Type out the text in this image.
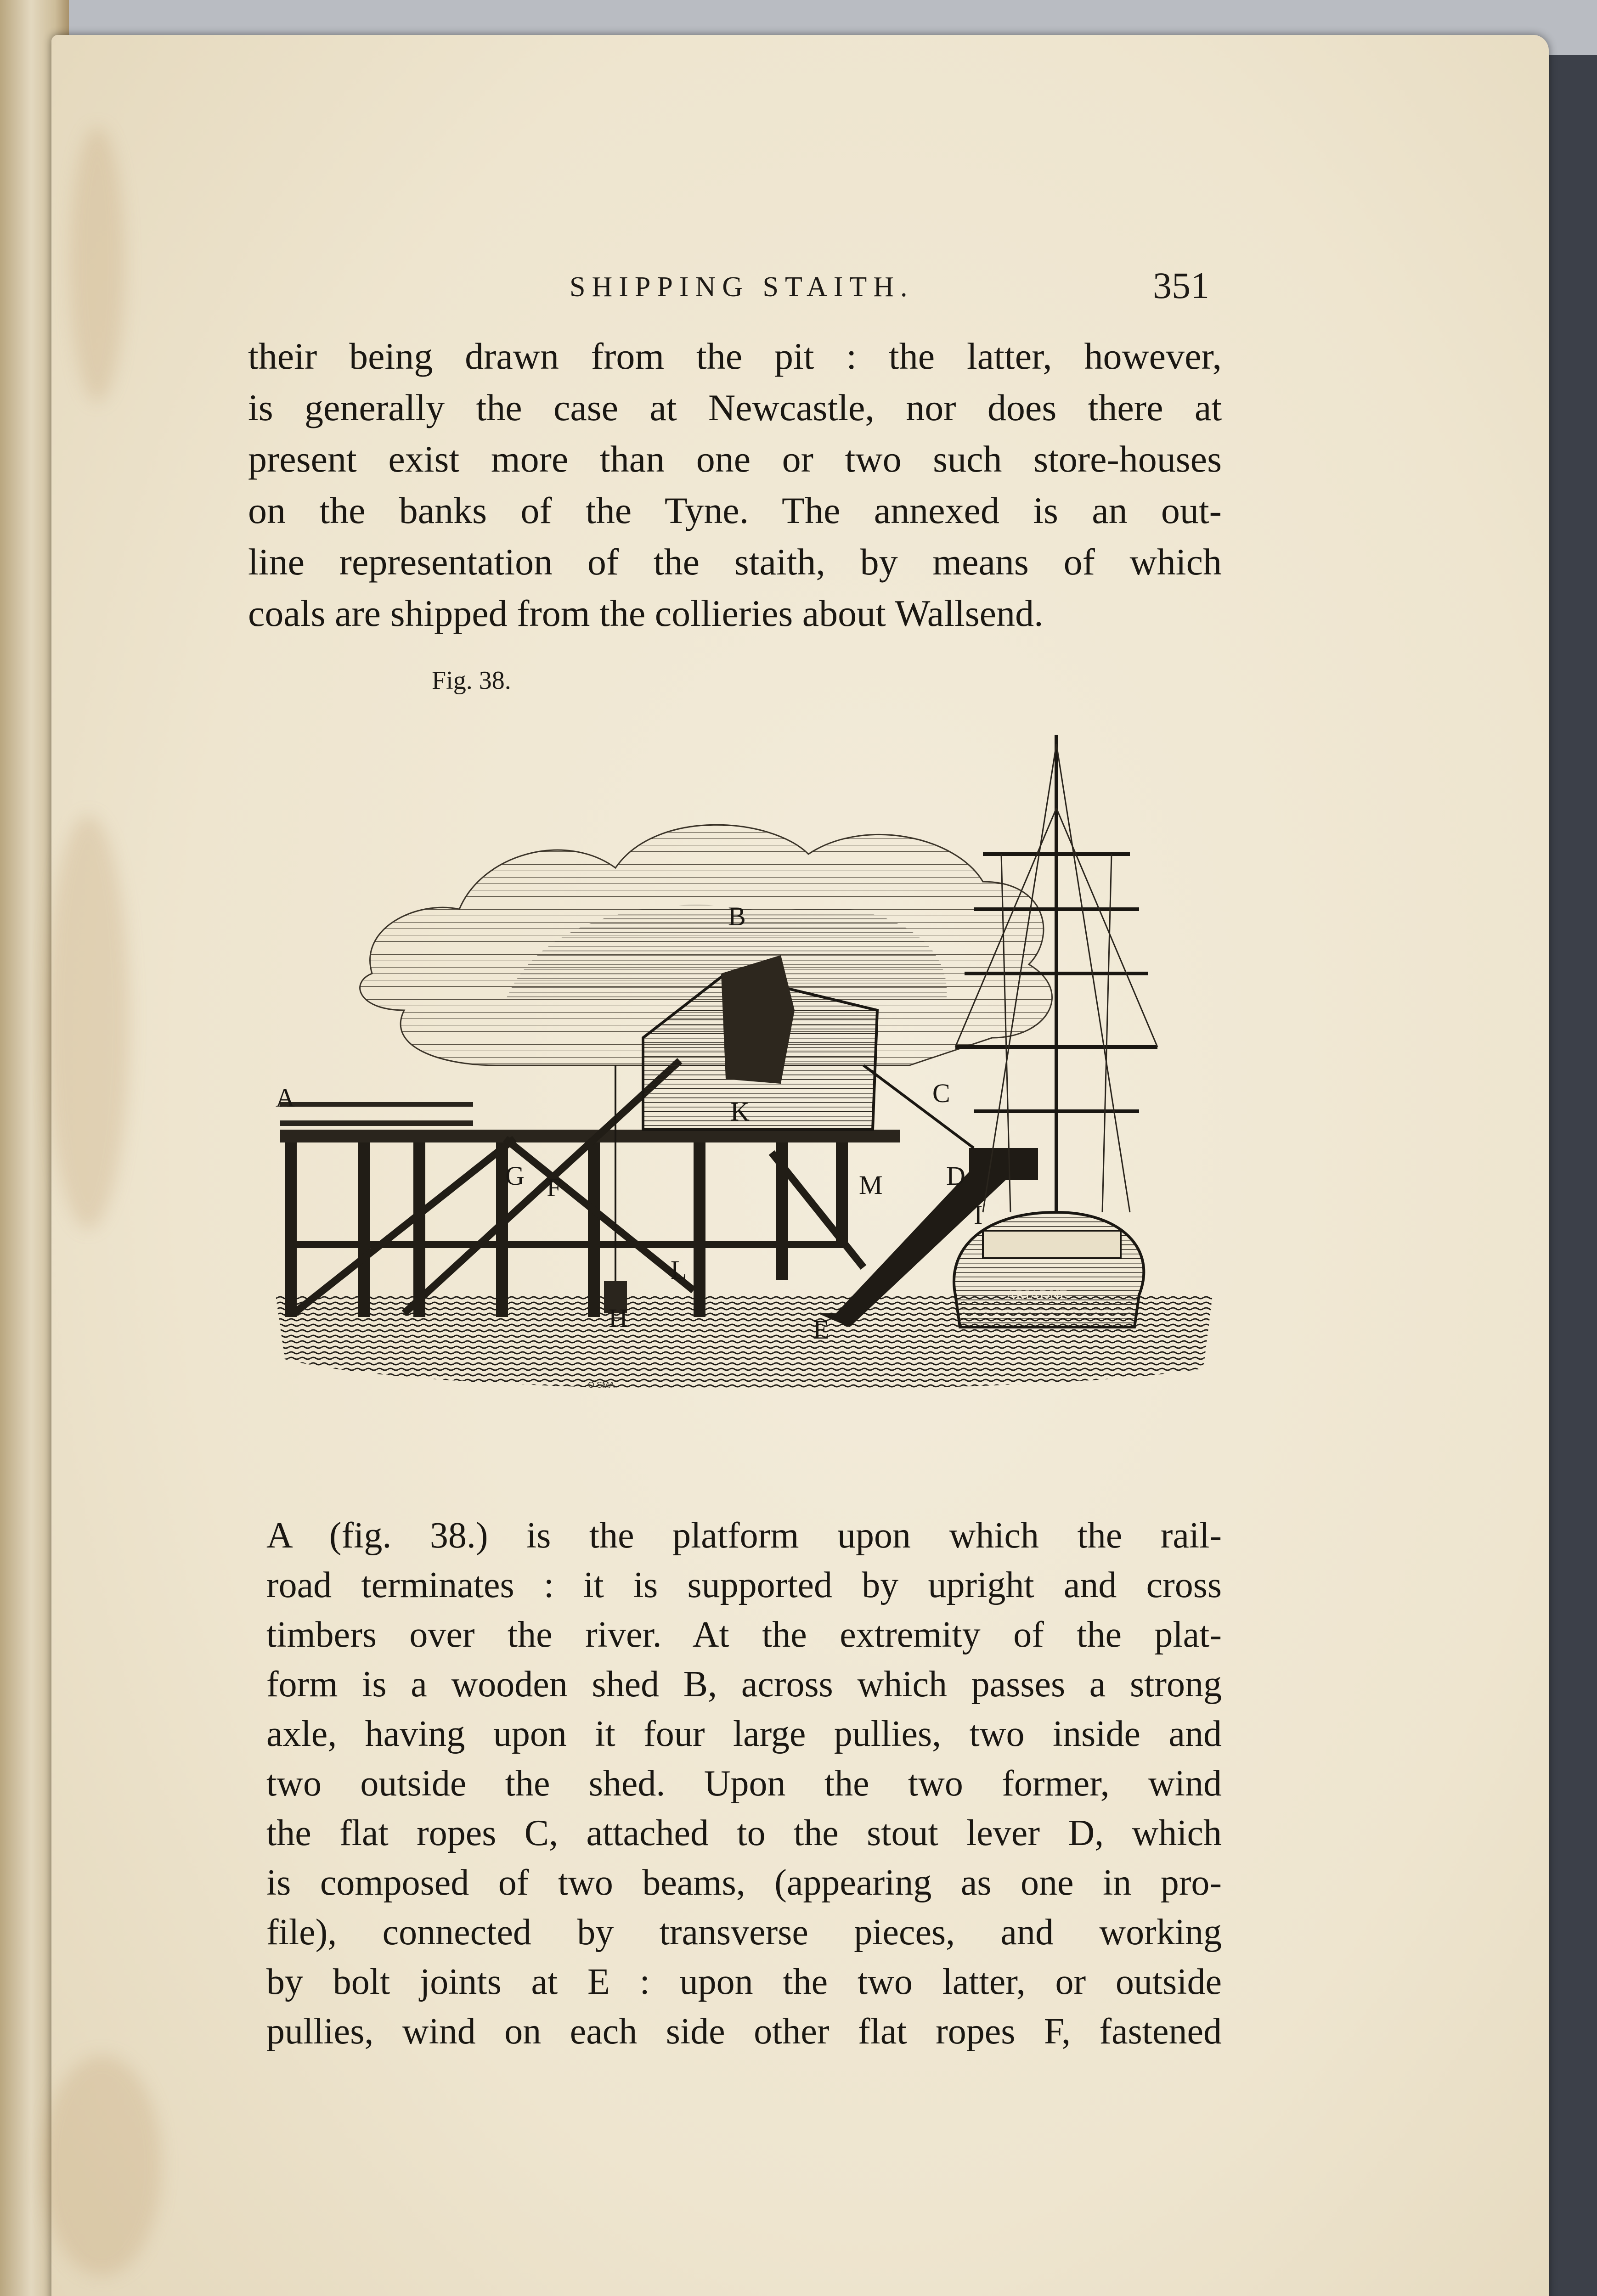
SHIPPING STAITH.	351
their being drawn from the pit : the latter, however,
is generally the case at Newcastle, nor does there at
present exist more than one or two such store-houses
on the banks of the Tyne. The annexed is an out-
line representation of the staith, by means of which
coals are shipped from the collieries about Wallsend.
Fig. 38.
O SMA
ARIADNE
A
B
C
D
E
F
G
H
I
K
L
M
A (fig. 38.) is the platform upon which the rail-
road terminates : it is supported by upright and cross
timbers over the river. At the extremity of the plat-
form is a wooden shed B, across which passes a strong
axle, having upon it four large pullies, two inside and
two outside the shed. Upon the two former, wind
the flat ropes C, attached to the stout lever D, which
is composed of two beams, (appearing as one in pro-
file), connected by transverse pieces, and working
by bolt joints at E : upon the two latter, or outside
pullies, wind on each side other flat ropes F, fastened
